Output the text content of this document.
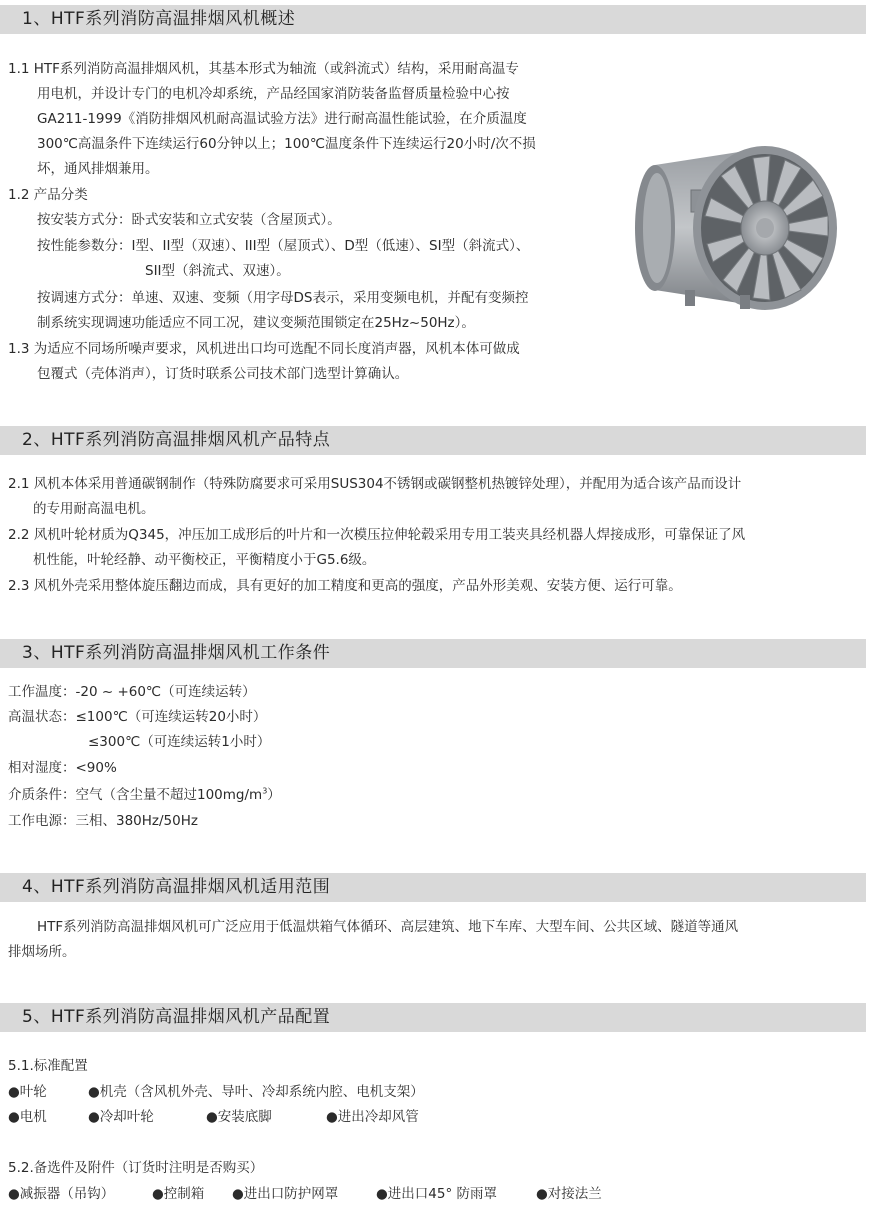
1、HTF系列消防高温排烟风机概述
1.1 HTF系列消防高温排烟风机，其基本形式为轴流（或斜流式）结构，采用耐高温专
用电机，并设计专门的电机冷却系统，产品经国家消防装备监督质量检验中心按
GA211-1999《消防排烟风机耐高温试验方法》进行耐高温性能试验，在介质温度
300℃高温条件下连续运行60分钟以上；100℃温度条件下连续运行20小时/次不损
坏，通风排烟兼用。
1.2 产品分类
按安装方式分：卧式安装和立式安装（含屋顶式）。
按性能参数分：I型、II型（双速）、III型（屋顶式）、D型（低速）、SI型（斜流式）、
SII型（斜流式、双速）。
按调速方式分：单速、双速、变频（用字母DS表示，采用变频电机，并配有变频控
制系统实现调速功能适应不同工况，建议变频范围锁定在25Hz~50Hz）。
1.3 为适应不同场所噪声要求，风机进出口均可选配不同长度消声器，风机本体可做成
包覆式（壳体消声），订货时联系公司技术部门选型计算确认。
2、HTF系列消防高温排烟风机产品特点
2.1 风机本体采用普通碳钢制作（特殊防腐要求可采用SUS304不锈钢或碳钢整机热镀锌处理），并配用为适合该产品而设计
的专用耐高温电机。
2.2 风机叶轮材质为Q345，冲压加工成形后的叶片和一次模压拉伸轮毂采用专用工装夹具经机器人焊接成形，可靠保证了风
机性能，叶轮经静、动平衡校正，平衡精度小于G5.6级。
2.3 风机外壳采用整体旋压翻边而成，具有更好的加工精度和更高的强度，产品外形美观、安装方便、运行可靠。
3、HTF系列消防高温排烟风机工作条件
工作温度：-20 ~ +60℃（可连续运转）
高温状态：≤100℃（可连续运转20小时）
≤300℃（可连续运转1小时）
相对湿度：<90%
介质条件：空气（含尘量不超过$100mg/m^3$）
工作电源：三相、380Hz/50Hz
4、HTF系列消防高温排烟风机适用范围
HTF系列消防高温排烟风机可广泛应用于低温烘箱气体循环、高层建筑、地下车库、大型车间、公共区域、隧道等通风
排烟场所。
5、HTF系列消防高温排烟风机产品配置
5.1.标准配置
●叶轮	●机壳（含风机外壳、导叶、冷却系统内腔、电机支架）
●电机	●冷却叶轮	●安装底脚	●进出冷却风管
5.2.备选件及附件（订货时注明是否购买）
●减振器（吊钩）	●控制箱 ●进出口防护网罩	●进出口45° 防雨罩	●对接法兰
